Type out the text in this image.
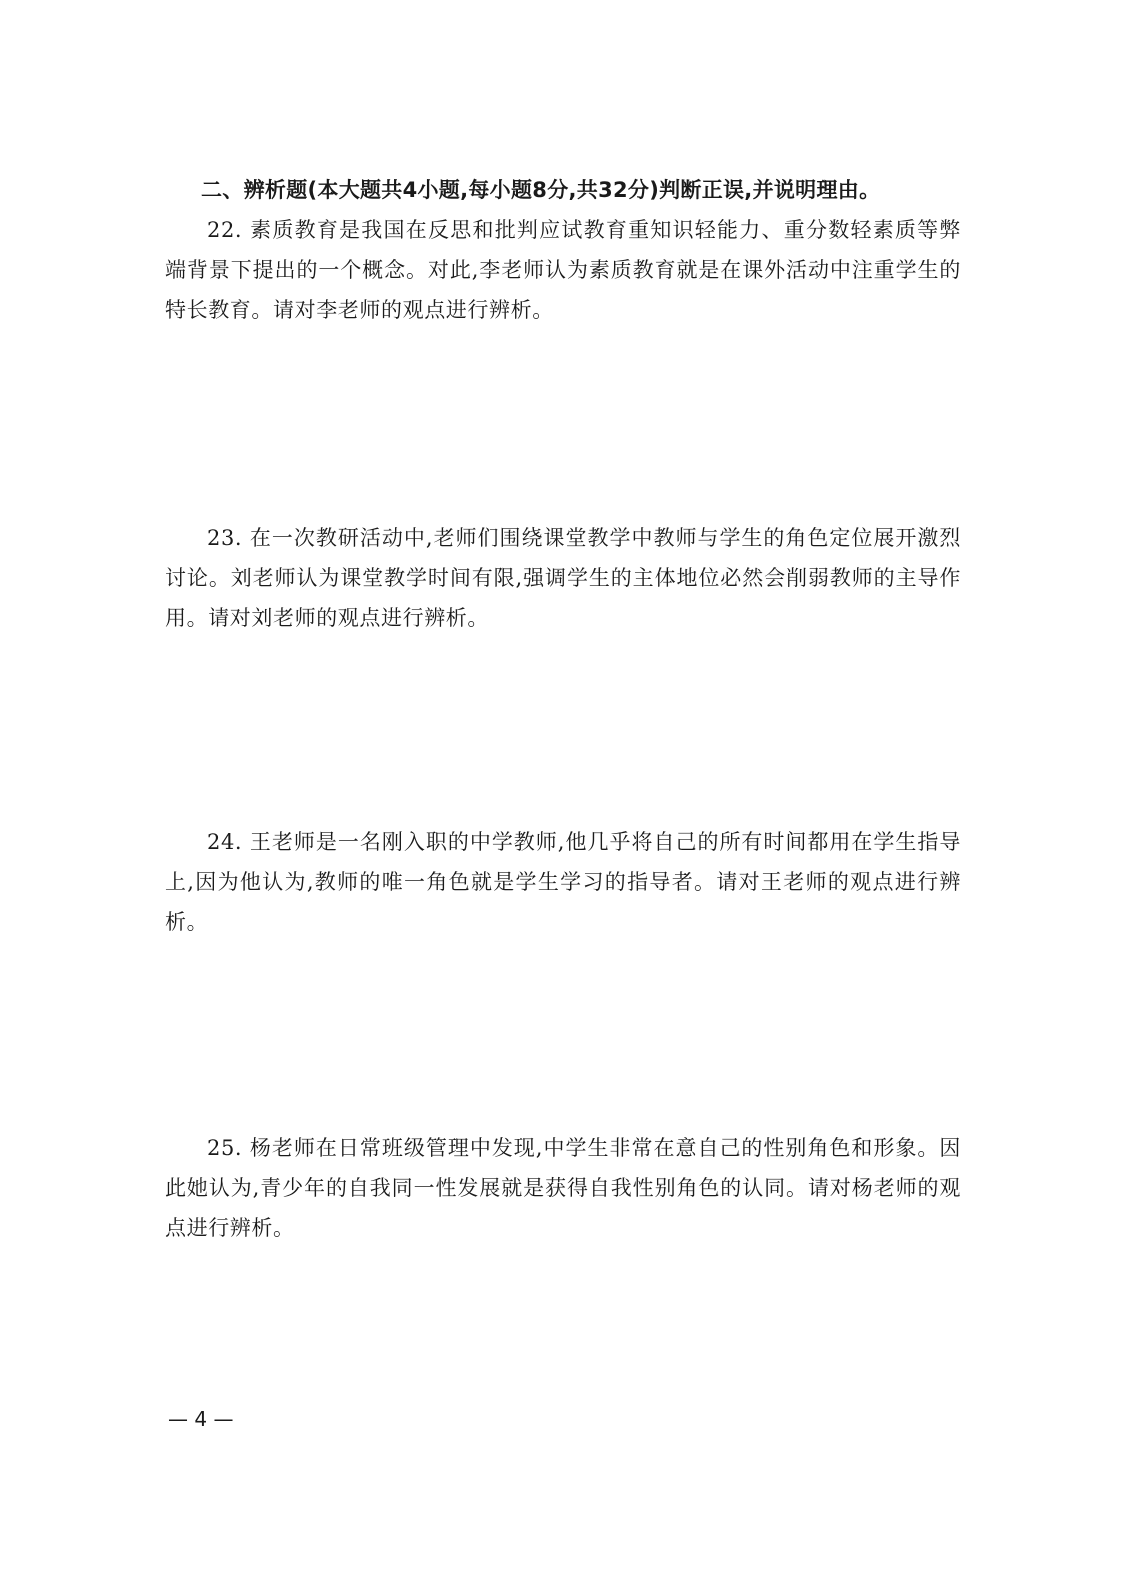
二、辨析题(本大题共4小题,每小题8分,共32分)判断正误,并说明理由。
22. 素质教育是我国在反思和批判应试教育重知识轻能力、重分数轻素质等弊端背景下提出的一个概念。对此,李老师认为素质教育就是在课外活动中注重学生的特长教育。请对李老师的观点进行辨析。
23. 在一次教研活动中,老师们围绕课堂教学中教师与学生的角色定位展开激烈讨论。刘老师认为课堂教学时间有限,强调学生的主体地位必然会削弱教师的主导作用。请对刘老师的观点进行辨析。
24. 王老师是一名刚入职的中学教师,他几乎将自己的所有时间都用在学生指导上,因为他认为,教师的唯一角色就是学生学习的指导者。请对王老师的观点进行辨析。
25. 杨老师在日常班级管理中发现,中学生非常在意自己的性别角色和形象。因此她认为,青少年的自我同一性发展就是获得自我性别角色的认同。请对杨老师的观点进行辨析。
— 4 —
